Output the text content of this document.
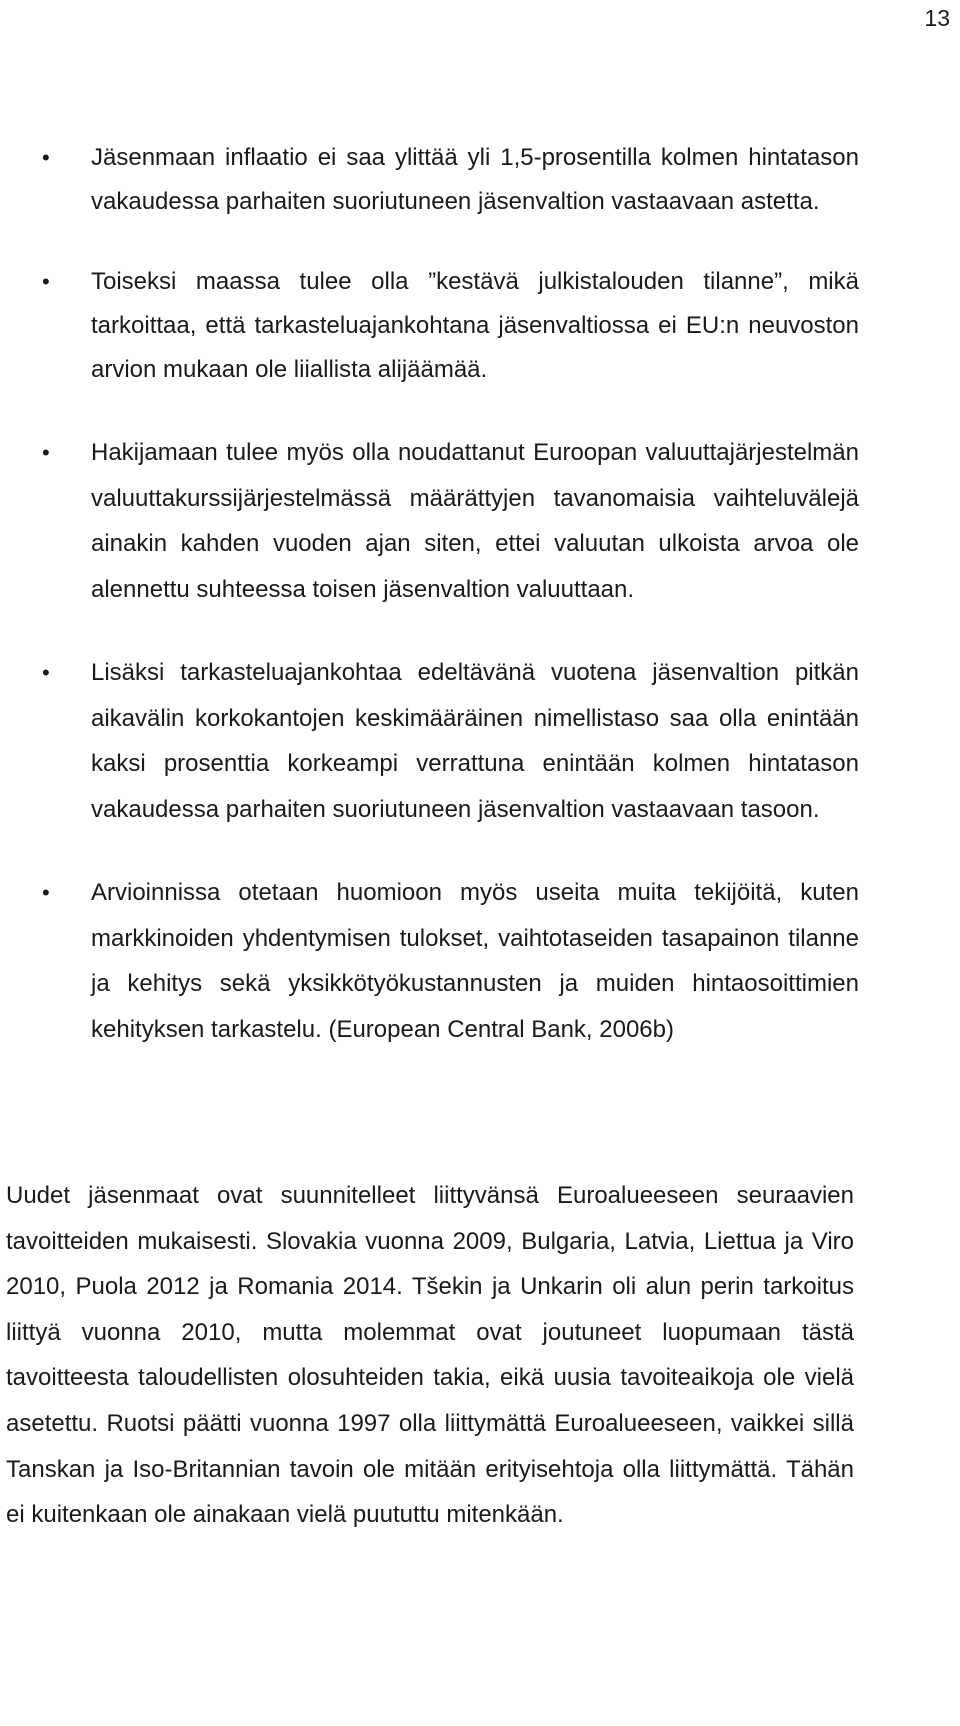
13
• Jäsenmaan inflaatio ei saa ylittää yli 1,5-prosentilla kolmen hintatason vakaudessa parhaiten suoriutuneen jäsenvaltion vastaavaan astetta.
• Toiseksi maassa tulee olla ”kestävä julkistalouden tilanne”, mikä tarkoittaa, että tarkasteluajankohtana jäsenvaltiossa ei EU:n neuvoston arvion mukaan ole liiallista alijäämää.
• Hakijamaan tulee myös olla noudattanut Euroopan valuuttajärjestelmän valuuttakurssijärjestelmässä määrättyjen tavanomaisia vaihteluvälejä ainakin kahden vuoden ajan siten, ettei valuutan ulkoista arvoa ole alennettu suhteessa toisen jäsenvaltion valuuttaan.
• Lisäksi tarkasteluajankohtaa edeltävänä vuotena jäsenvaltion pitkän aikavälin korkokantojen keskimääräinen nimellistaso saa olla enintään kaksi prosenttia korkeampi verrattuna enintään kolmen hintatason vakaudessa parhaiten suoriutuneen jäsenvaltion vastaavaan tasoon.
• Arvioinnissa otetaan huomioon myös useita muita tekijöitä, kuten markkinoiden yhdentymisen tulokset, vaihtotaseiden tasapainon tilanne ja kehitys sekä yksikkötyökustannusten ja muiden hintaosoittimien kehityksen tarkastelu. (European Central Bank, 2006b)

Uudet jäsenmaat ovat suunnitelleet liittyvänsä Euroalueeseen seuraavien tavoitteiden mukaisesti. Slovakia vuonna 2009, Bulgaria, Latvia, Liettua ja Viro 2010, Puola 2012 ja Romania 2014. Tšekin ja Unkarin oli alun perin tarkoitus liittyä vuonna 2010, mutta molemmat ovat joutuneet luopumaan tästä tavoitteesta taloudellisten olosuhteiden takia, eikä uusia tavoiteaikoja ole vielä asetettu. Ruotsi päätti vuonna 1997 olla liittymättä Euroalueeseen, vaikkei sillä Tanskan ja Iso-Britannian tavoin ole mitään erityisehtoja olla liittymättä. Tähän ei kuitenkaan ole ainakaan vielä puututtu mitenkään.
